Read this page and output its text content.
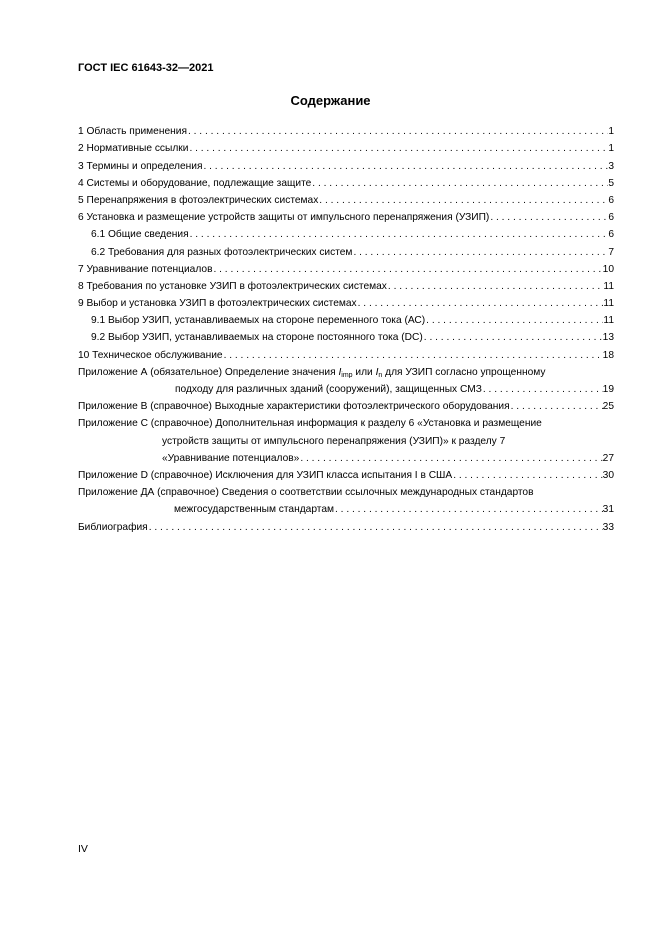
ГОСТ IEC 61643-32—2021
Содержание
1 Область применения . . .	1
2 Нормативные ссылки . . .	1
3 Термины и определения . . .	3
4 Системы и оборудование, подлежащие защите . . .	5
5 Перенапряжения в фотоэлектрических системах . . .	6
6 Установка и размещение устройств защиты от импульсного перенапряжения (УЗИП) . . .	6
6.1 Общие сведения . . .	6
6.2 Требования для разных фотоэлектрических систем . . .	7
7 Уравнивание потенциалов . . .	10
8 Требования по установке УЗИП в фотоэлектрических системах . . .	11
9 Выбор и установка УЗИП в фотоэлектрических системах . . .	11
9.1 Выбор УЗИП, устанавливаемых на стороне переменного тока (АС) . . .	11
9.2 Выбор УЗИП, устанавливаемых на стороне постоянного тока (DC) . . .	13
10 Техническое обслуживание . . .	18
Приложение А (обязательное) Определение значения $I_{imp}$ или $I_n$ для УЗИП согласно упрощенному
подходу для различных зданий (сооружений), защищенных СМЗ . . .	19
Приложение В (справочное) Выходные характеристики фотоэлектрического оборудования . . .	25
Приложение С (справочное) Дополнительная информация к разделу 6 «Установка и размещение
устройств защиты от импульсного перенапряжения (УЗИП)» к разделу 7
«Уравнивание потенциалов» . . .	27
Приложение D (справочное) Исключения для УЗИП класса испытания I в США . . .	30
Приложение ДА (справочное) Сведения о соответствии ссылочных международных стандартов
межгосударственным стандартам . . .	31
Библиография . . .	33
IV
